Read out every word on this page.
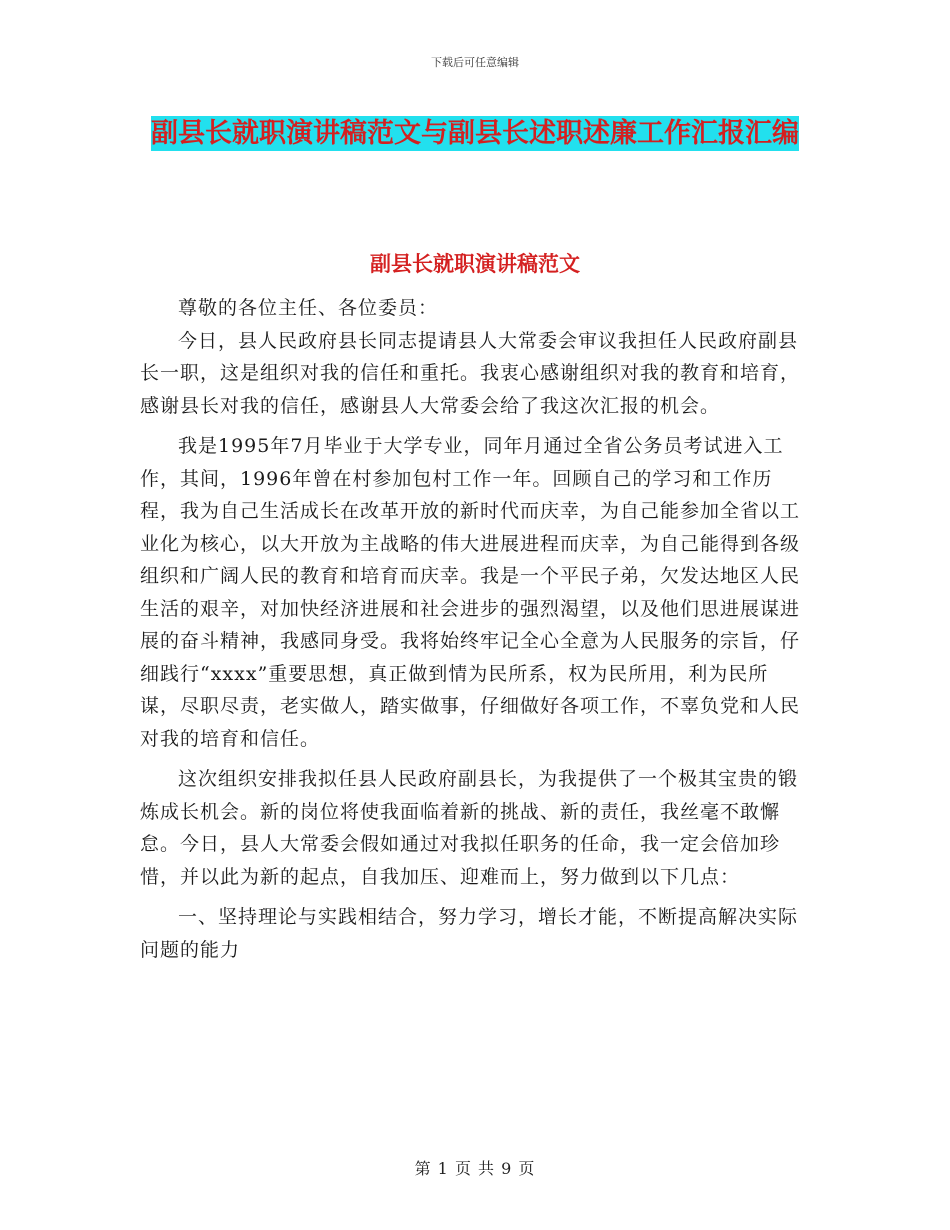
下载后可任意编辑
副县长就职演讲稿范文与副县长述职述廉工作汇报汇编
副县长就职演讲稿范文

尊敬的各位主任、各位委员：

今日，县人民政府县长同志提请县人大常委会审议我担任人民政府副县长一职，这是组织对我的信任和重托。我衷心感谢组织对我的教育和培育，感谢县长对我的信任，感谢县人大常委会给了我这次汇报的机会。

我是1995年7月毕业于大学专业，同年月通过全省公务员考试进入工作，其间，1996年曾在村参加包村工作一年。回顾自己的学习和工作历程，我为自己生活成长在改革开放的新时代而庆幸，为自己能参加全省以工业化为核心，以大开放为主战略的伟大进展进程而庆幸，为自己能得到各级组织和广阔人民的教育和培育而庆幸。我是一个平民子弟，欠发达地区人民生活的艰辛，对加快经济进展和社会进步的强烈渴望，以及他们思进展谋进展的奋斗精神，我感同身受。我将始终牢记全心全意为人民服务的宗旨，仔细践行“xxxx”重要思想，真正做到情为民所系，权为民所用，利为民所谋，尽职尽责，老实做人，踏实做事，仔细做好各项工作，不辜负党和人民对我的培育和信任。

这次组织安排我拟任县人民政府副县长，为我提供了一个极其宝贵的锻炼成长机会。新的岗位将使我面临着新的挑战、新的责任，我丝毫不敢懈怠。今日，县人大常委会假如通过对我拟任职务的任命，我一定会倍加珍惜，并以此为新的起点，自我加压、迎难而上，努力做到以下几点：

一、坚持理论与实践相结合，努力学习，增长才能，不断提高解决实际问题的能力

第 1 页 共 9 页
